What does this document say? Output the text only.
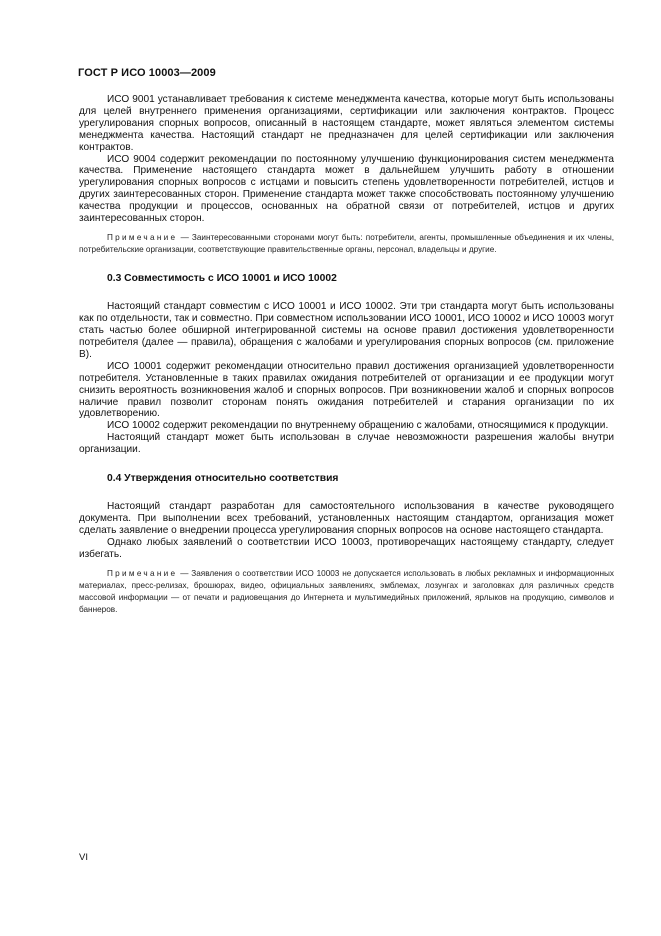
ГОСТ Р ИСО 10003—2009

ИСО 9001 устанавливает требования к системе менеджмента качества, которые могут быть использованы для целей внутреннего применения организациями, сертификации или заключения контрактов. Процесс урегулирования спорных вопросов, описанный в настоящем стандарте, может являться элементом системы менеджмента качества. Настоящий стандарт не предназначен для целей сертификации или заключения контрактов.

ИСО 9004 содержит рекомендации по постоянному улучшению функционирования систем менеджмента качества. Применение настоящего стандарта может в дальнейшем улучшить работу в отношении урегулирования спорных вопросов с истцами и повысить степень удовлетворенности потребителей, истцов и других заинтересованных сторон. Применение стандарта может также способствовать постоянному улучшению качества продукции и процессов, основанных на обратной связи от потребителей, истцов и других заинтересованных сторон.

Примечание — Заинтересованными сторонами могут быть: потребители, агенты, промышленные объединения и их члены, потребительские организации, соответствующие правительственные органы, персонал, владельцы и другие.

0.3 Совместимость с ИСО 10001 и ИСО 10002

Настоящий стандарт совместим с ИСО 10001 и ИСО 10002. Эти три стандарта могут быть использованы как по отдельности, так и совместно. При совместном использовании ИСО 10001, ИСО 10002 и ИСО 10003 могут стать частью более обширной интегрированной системы на основе правил достижения удовлетворенности потребителя (далее — правила), обращения с жалобами и урегулирования спорных вопросов (см. приложение В).

ИСО 10001 содержит рекомендации относительно правил достижения организацией удовлетворенности потребителя. Установленные в таких правилах ожидания потребителей от организации и ее продукции могут снизить вероятность возникновения жалоб и спорных вопросов. При возникновении жалоб и спорных вопросов наличие правил позволит сторонам понять ожидания потребителей и старания организации по их удовлетворению.

ИСО 10002 содержит рекомендации по внутреннему обращению с жалобами, относящимися к продукции.

Настоящий стандарт может быть использован в случае невозможности разрешения жалобы внутри организации.

0.4 Утверждения относительно соответствия

Настоящий стандарт разработан для самостоятельного использования в качестве руководящего документа. При выполнении всех требований, установленных настоящим стандартом, организация может сделать заявление о внедрении процесса урегулирования спорных вопросов на основе настоящего стандарта.

Однако любых заявлений о соответствии ИСО 10003, противоречащих настоящему стандарту, следует избегать.

Примечание — Заявления о соответствии ИСО 10003 не допускается использовать в любых рекламных и информационных материалах, пресс-релизах, брошюрах, видео, официальных заявлениях, эмблемах, лозунгах и заголовках для различных средств массовой информации — от печати и радиовещания до Интернета и мультимедийных приложений, ярлыков на продукцию, символов и баннеров.

VI
